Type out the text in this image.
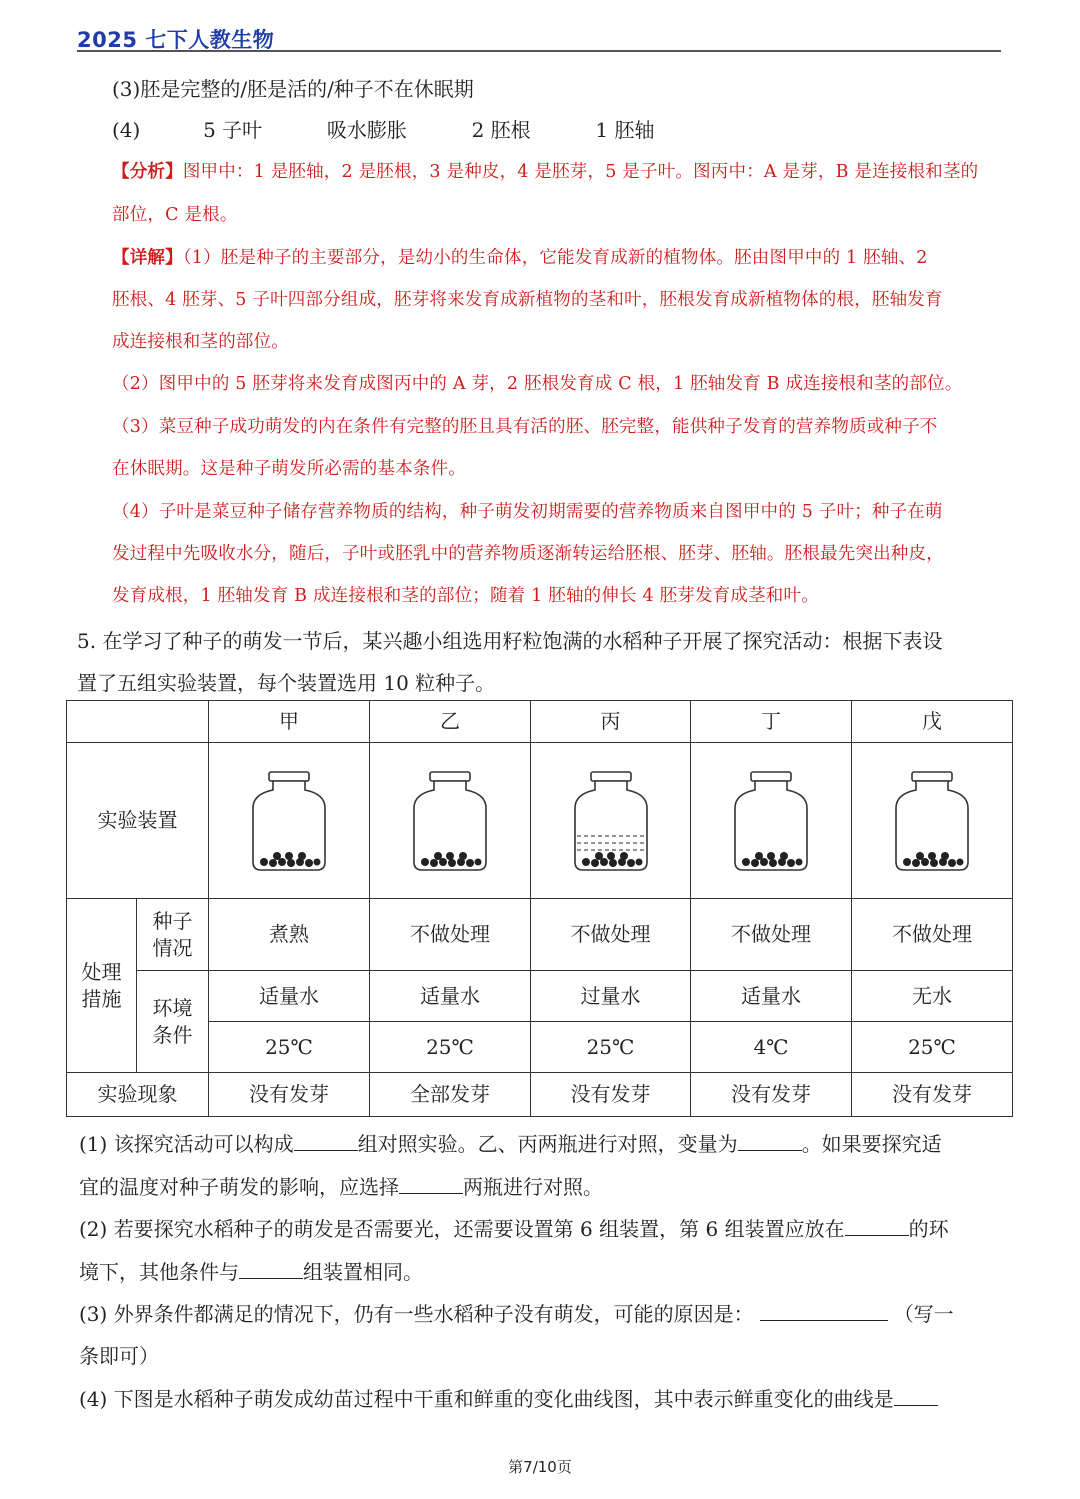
2025 七下人教生物
(3)胚是完整的/胚是活的/种子不在休眠期
(4)	5 子叶	吸水膨胀	2 胚根	1 胚轴
【分析】图甲中：1 是胚轴，2 是胚根，3 是种皮，4 是胚芽，5 是子叶。图丙中：A 是芽，B 是连接根和茎的
部位，C 是根。
【详解】（1）胚是种子的主要部分，是幼小的生命体，它能发育成新的植物体。胚由图甲中的 1 胚轴、2
胚根、4 胚芽、5 子叶四部分组成，胚芽将来发育成新植物的茎和叶，胚根发育成新植物体的根，胚轴发育
成连接根和茎的部位。
（2）图甲中的 5 胚芽将来发育成图丙中的 A 芽，2 胚根发育成 C 根，1 胚轴发育 B 成连接根和茎的部位。
（3）菜豆种子成功萌发的内在条件有完整的胚且具有活的胚、胚完整，能供种子发育的营养物质或种子不
在休眠期。这是种子萌发所必需的基本条件。
（4）子叶是菜豆种子储存营养物质的结构，种子萌发初期需要的营养物质来自图甲中的 5 子叶；种子在萌
发过程中先吸收水分，随后，子叶或胚乳中的营养物质逐渐转运给胚根、胚芽、胚轴。胚根最先突出种皮，
发育成根，1 胚轴发育 B 成连接根和茎的部位；随着 1 胚轴的伸长 4 胚芽发育成茎和叶。
5. 在学习了种子的萌发一节后，某兴趣小组选用籽粒饱满的水稻种子开展了探究活动：根据下表设
置了五组实验装置，每个装置选用 10 粒种子。
		甲	乙	丙	丁	戊
实验装置	

处理措施	种子情况	煮熟	不做处理	不做处理	不做处理	不做处理

	环境条件	适量水	适量水	过量水	适量水	无水
		25℃	25℃	25℃	4℃	25℃
实验现象		没有发芽	全部发芽	没有发芽	没有发芽	没有发芽
(1) 该探究活动可以构成	组对照实验。乙、丙两瓶进行对照，变量为	。如果要探究适
宜的温度对种子萌发的影响，应选择	两瓶进行对照。
(2) 若要探究水稻种子的萌发是否需要光，还需要设置第 6 组装置，第 6 组装置应放在	的环
境下，其他条件与	组装置相同。
(3) 外界条件都满足的情况下，仍有一些水稻种子没有萌发，可能的原因是：	（写一
条即可）
(4) 下图是水稻种子萌发成幼苗过程中干重和鲜重的变化曲线图，其中表示鲜重变化的曲线是
第7/10页
